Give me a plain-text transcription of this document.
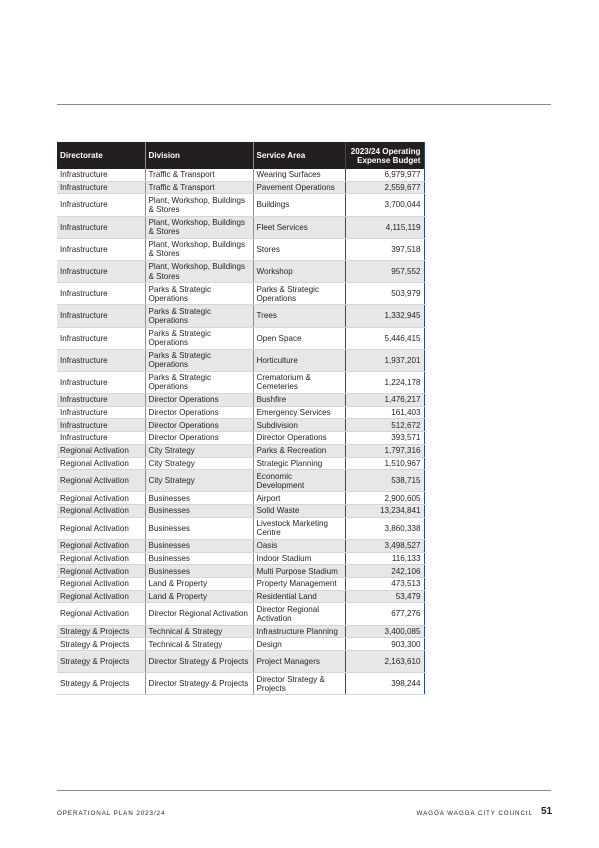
Directorate	Division	Service Area	2023/24 Operating Expense Budget
Infrastructure	Traffic & Transport	Wearing Surfaces	6,979,977
Infrastructure	Traffic & Transport	Pavement Operations	2,559,677
Infrastructure	Plant, Workshop, Buildings & Stores	Buildings	3,700,044
Infrastructure	Plant, Workshop, Buildings & Stores	Fleet Services	4,115,119
Infrastructure	Plant, Workshop, Buildings & Stores	Stores	397,518
Infrastructure	Plant, Workshop, Buildings & Stores	Workshop	957,552
Infrastructure	Parks & Strategic Operations	Parks & Strategic Operations	503,979
Infrastructure	Parks & Strategic Operations	Trees	1,332,945
Infrastructure	Parks & Strategic Operations	Open Space	5,446,415
Infrastructure	Parks & Strategic Operations	Horticulture	1,937,201
Infrastructure	Parks & Strategic Operations	Crematorium & Cemeteries	1,224,178
Infrastructure	Director Operations	Bushfire	1,476,217
Infrastructure	Director Operations	Emergency Services	161,403
Infrastructure	Director Operations	Subdivision	512,672
Infrastructure	Director Operations	Director Operations	393,571
Regional Activation	City Strategy	Parks & Recreation	1,797,316
Regional Activation	City Strategy	Strategic Planning	1,510,967
Regional Activation	City Strategy	Economic Development	538,715
Regional Activation	Businesses	Airport	2,900,605
Regional Activation	Businesses	Solid Waste	13,234,841
Regional Activation	Businesses	Livestock Marketing Centre	3,860,338
Regional Activation	Businesses	Oasis	3,498,527
Regional Activation	Businesses	Indoor Stadium	116,133
Regional Activation	Businesses	Multi Purpose Stadium	242,106
Regional Activation	Land & Property	Property Management	473,513
Regional Activation	Land & Property	Residential Land	53,479
Regional Activation	Director Regional Activation	Director Regional Activation	677,276
Strategy & Projects	Technical & Strategy	Infrastructure Planning	3,400,085
Strategy & Projects	Technical & Strategy	Design	903,300
Strategy & Projects	Director Strategy & Projects	Project Managers	2,163,610
Strategy & Projects	Director Strategy & Projects	Director Strategy & Projects	398,244
OPERATIONAL PLAN 2023/24	WAGGA WAGGA CITY COUNCIL 51
